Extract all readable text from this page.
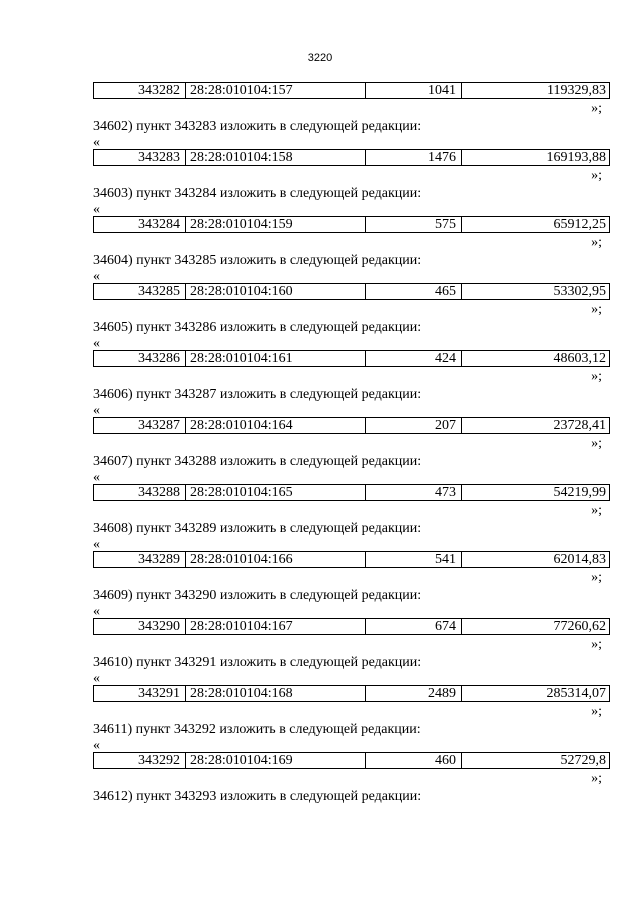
3220
343282 28:28:010104:157	1041	119329,83
»;
34602) пункт 343283 изложить в следующей редакции:
«
343283 28:28:010104:158	1476	169193,88
»;
34603) пункт 343284 изложить в следующей редакции:
«
343284 28:28:010104:159	575	65912,25
»;
34604) пункт 343285 изложить в следующей редакции:
«
343285 28:28:010104:160	465	53302,95
»;
34605) пункт 343286 изложить в следующей редакции:
«
343286 28:28:010104:161	424	48603,12
»;
34606) пункт 343287 изложить в следующей редакции:
«
343287 28:28:010104:164	207	23728,41
»;
34607) пункт 343288 изложить в следующей редакции:
«
343288 28:28:010104:165	473	54219,99
»;
34608) пункт 343289 изложить в следующей редакции:
«
343289 28:28:010104:166	541	62014,83
»;
34609) пункт 343290 изложить в следующей редакции:
«
343290 28:28:010104:167	674	77260,62
»;
34610) пункт 343291 изложить в следующей редакции:
«
343291 28:28:010104:168	2489	285314,07
»;
34611) пункт 343292 изложить в следующей редакции:
«
343292 28:28:010104:169	460	52729,8
»;
34612) пункт 343293 изложить в следующей редакции:
